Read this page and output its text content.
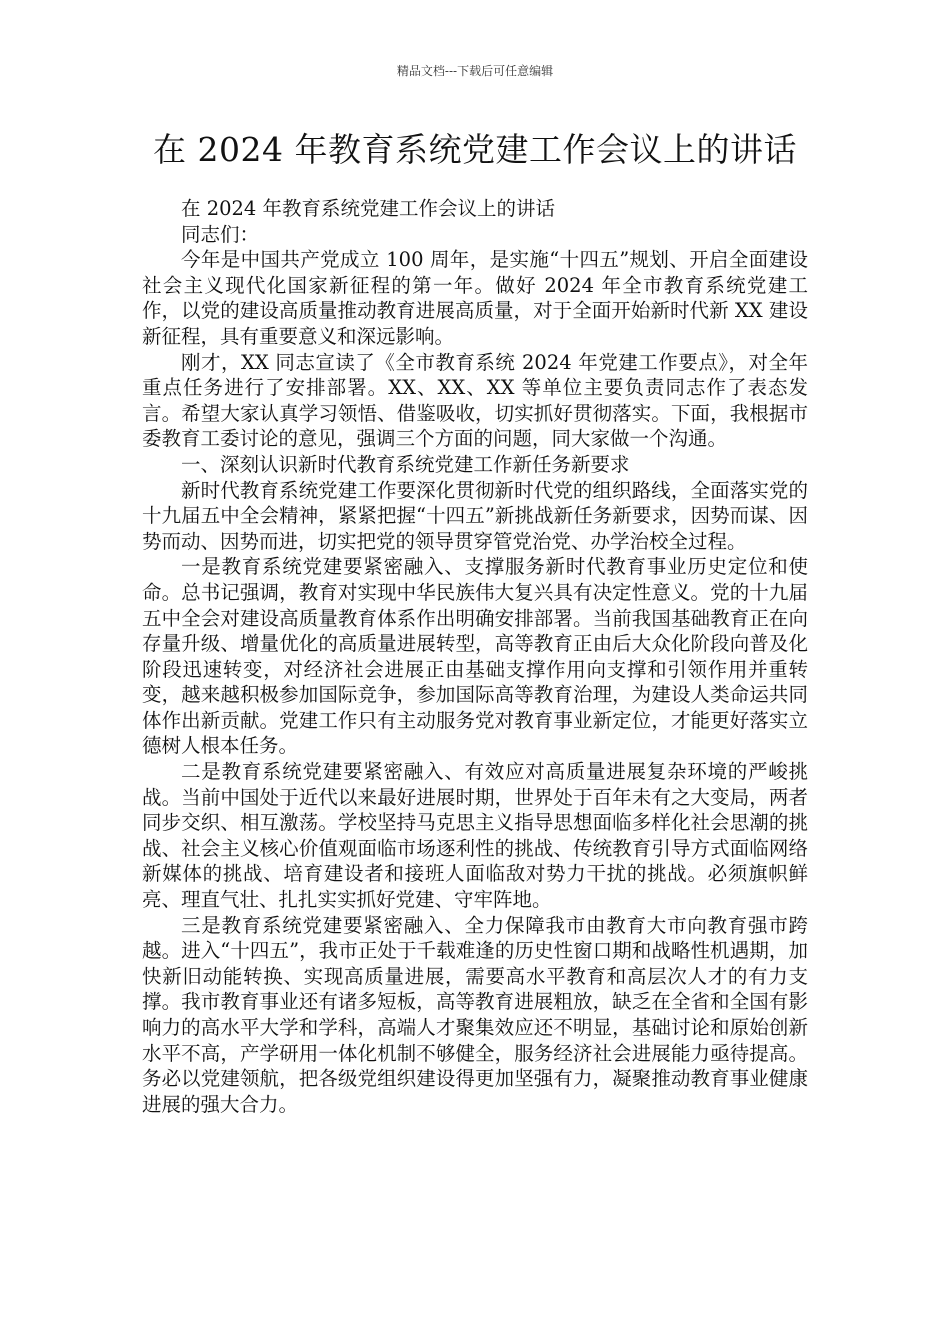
精品文档---下载后可任意编辑
在 2024 年教育系统党建工作会议上的讲话

在 2024 年教育系统党建工作会议上的讲话

同志们：

今年是中国共产党成立 100 周年，是实施“十四五”规划、开启全面建设社会主义现代化国家新征程的第一年。做好 2024 年全市教育系统党建工作，以党的建设高质量推动教育进展高质量，对于全面开始新时代新 XX 建设新征程，具有重要意义和深远影响。

刚才，XX 同志宣读了《全市教育系统 2024 年党建工作要点》，对全年重点任务进行了安排部署。XX、XX、XX 等单位主要负责同志作了表态发言。希望大家认真学习领悟、借鉴吸收，切实抓好贯彻落实。下面，我根据市委教育工委讨论的意见，强调三个方面的问题，同大家做一个沟通。

一、深刻认识新时代教育系统党建工作新任务新要求

新时代教育系统党建工作要深化贯彻新时代党的组织路线，全面落实党的十九届五中全会精神，紧紧把握“十四五”新挑战新任务新要求，因势而谋、因势而动、因势而进，切实把党的领导贯穿管党治党、办学治校全过程。

一是教育系统党建要紧密融入、支撑服务新时代教育事业历史定位和使命。总书记强调，教育对实现中华民族伟大复兴具有决定性意义。党的十九届五中全会对建设高质量教育体系作出明确安排部署。当前我国基础教育正在向存量升级、增量优化的高质量进展转型，高等教育正由后大众化阶段向普及化阶段迅速转变，对经济社会进展正由基础支撑作用向支撑和引领作用并重转变，越来越积极参加国际竞争，参加国际高等教育治理，为建设人类命运共同体作出新贡献。党建工作只有主动服务党对教育事业新定位，才能更好落实立德树人根本任务。

二是教育系统党建要紧密融入、有效应对高质量进展复杂环境的严峻挑战。当前中国处于近代以来最好进展时期，世界处于百年未有之大变局，两者同步交织、相互激荡。学校坚持马克思主义指导思想面临多样化社会思潮的挑战、社会主义核心价值观面临市场逐利性的挑战、传统教育引导方式面临网络新媒体的挑战、培育建设者和接班人面临敌对势力干扰的挑战。必须旗帜鲜亮、理直气壮、扎扎实实抓好党建、守牢阵地。

三是教育系统党建要紧密融入、全力保障我市由教育大市向教育强市跨越。进入“十四五”，我市正处于千载难逢的历史性窗口期和战略性机遇期，加快新旧动能转换、实现高质量进展，需要高水平教育和高层次人才的有力支撑。我市教育事业还有诸多短板，高等教育进展粗放，缺乏在全省和全国有影响力的高水平大学和学科，高端人才聚集效应还不明显，基础讨论和原始创新水平不高，产学研用一体化机制不够健全，服务经济社会进展能力亟待提高。务必以党建领航，把各级党组织建设得更加坚强有力，凝聚推动教育事业健康进展的强大合力。
